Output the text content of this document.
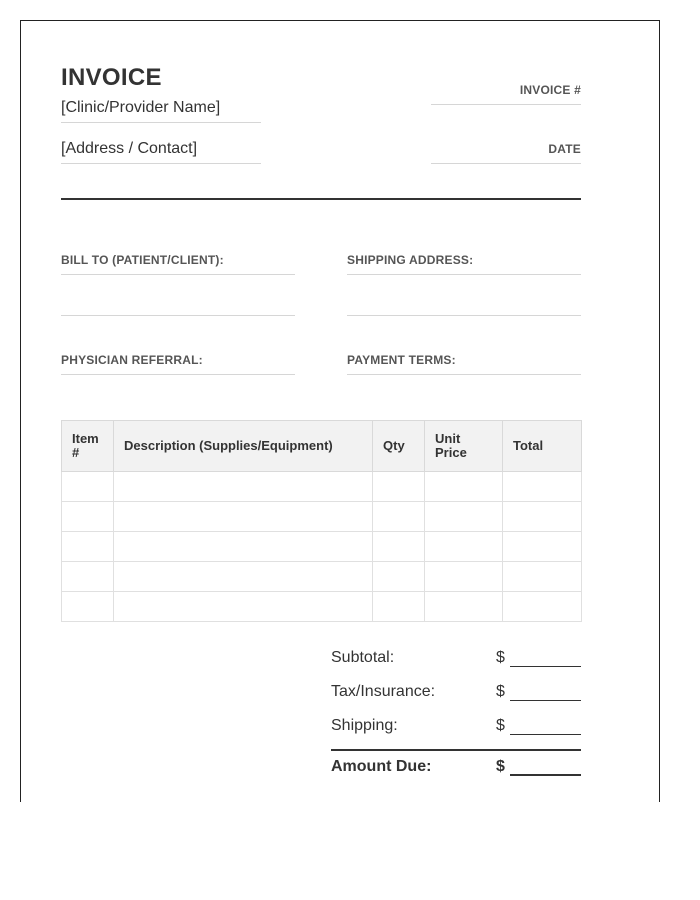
INVOICE
[Clinic/Provider Name]
[Address / Contact]
INVOICE #
DATE
BILL TO (PATIENT/CLIENT):	SHIPPING ADDRESS:
PHYSICIAN REFERRAL:	PAYMENT TERMS:
Item #	Description (Supplies/Equipment)	Qty	Unit Price	Total

Subtotal:	$
Tax/Insurance:	$
Shipping:	$
Amount Due:	$
